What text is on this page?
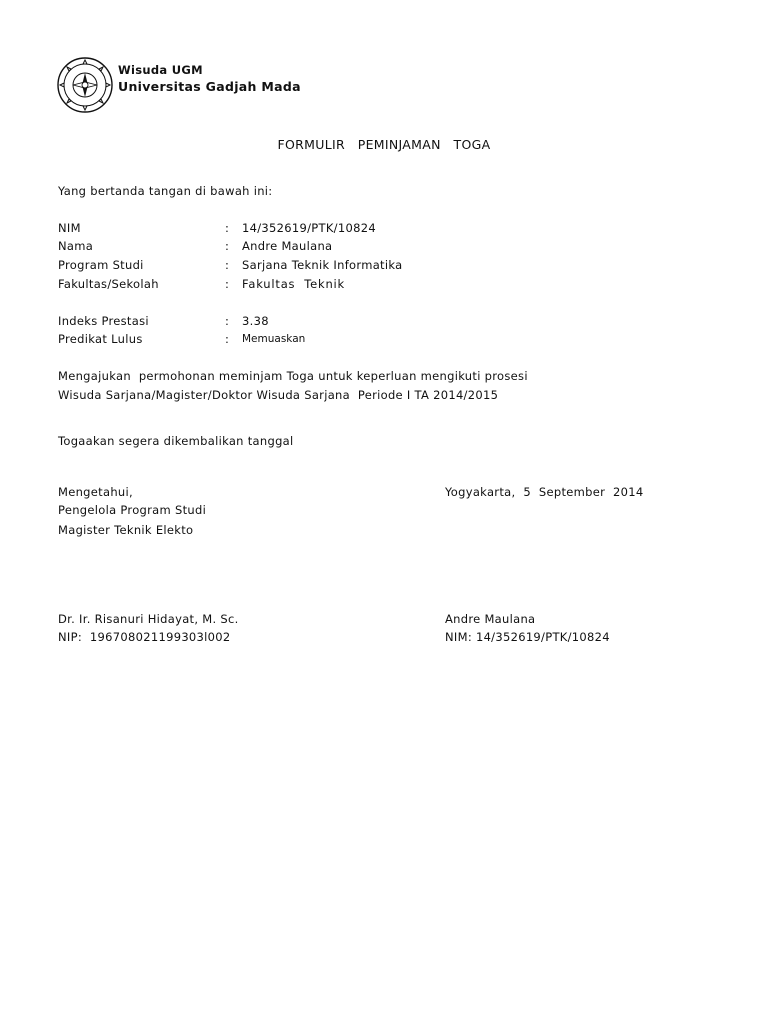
Wisuda UGM
Universitas Gadjah Mada
FORMULIR   PEMINJAMAN   TOGA
Yang bertanda tangan di bawah ini:
NIM	: 14/352619/PTK/10824
Nama	: Andre Maulana
Program Studi	: Sarjana Teknik Informatika
Fakultas/Sekolah	: Fakultas  Teknik
Indeks Prestasi	: 3.38
Predikat Lulus	: Memuaskan
Mengajukan  permohonan meminjam Toga untuk keperluan mengikuti prosesi
Wisuda Sarjana/Magister/Doktor Wisuda Sarjana  Periode I TA 2014/2015
Togaakan segera dikembalikan tanggal
Mengetahui,
Pengelola Program Studi
Magister Teknik Elekto
Yogyakarta,  5  September  2014
Dr. Ir. Risanuri Hidayat, M. Sc.
NIP:  196708021199303l002
Andre Maulana
NIM: 14/352619/PTK/10824
